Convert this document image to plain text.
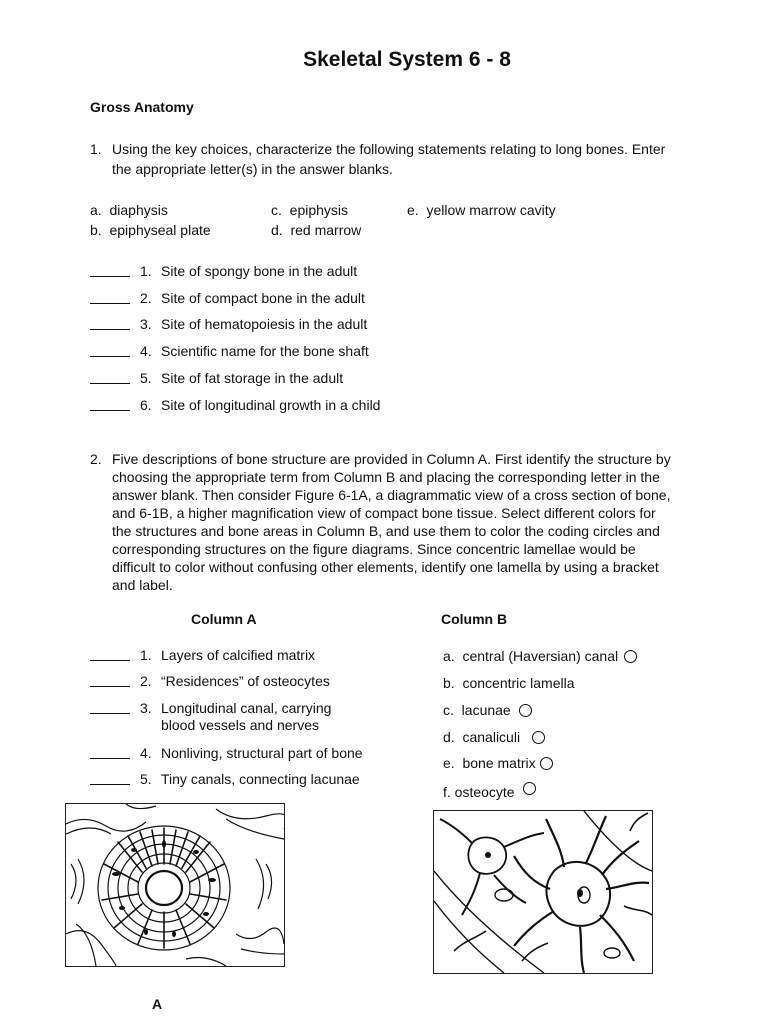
Skeletal System 6 - 8
Gross Anatomy
1. Using the key choices, characterize the following statements relating to long bones. Enter
the appropriate letter(s) in the answer blanks.
a. diaphysis
b. epiphyseal plate
c. epiphysis
d. red marrow
e. yellow marrow cavity
1. Site of spongy bone in the adult
2. Site of compact bone in the adult
3. Site of hematopoiesis in the adult
4. Scientific name for the bone shaft
5. Site of fat storage in the adult
6. Site of longitudinal growth in a child
2. Five descriptions of bone structure are provided in Column A. First identify the structure by
choosing the appropriate term from Column B and placing the corresponding letter in the
answer blank. Then consider Figure 6-1A, a diagrammatic view of a cross section of bone,
and 6-1B, a higher magnification view of compact bone tissue. Select different colors for
the structures and bone areas in Column B, and use them to color the coding circles and
corresponding structures on the figure diagrams. Since concentric lamellae would be
difficult to color without confusing other elements, identify one lamella by using a bracket
and label.
Column A	Column B
1. Layers of calcified matrix
2. “Residences” of osteocytes
3. Longitudinal canal, carrying
blood vessels and nerves
4. Nonliving, structural part of bone
5. Tiny canals, connecting lacunae
a. central (Haversian) canal
b. concentric lamella
c. lacunae
d. canaliculi
e. bone matrix
f. osteocyte
A
